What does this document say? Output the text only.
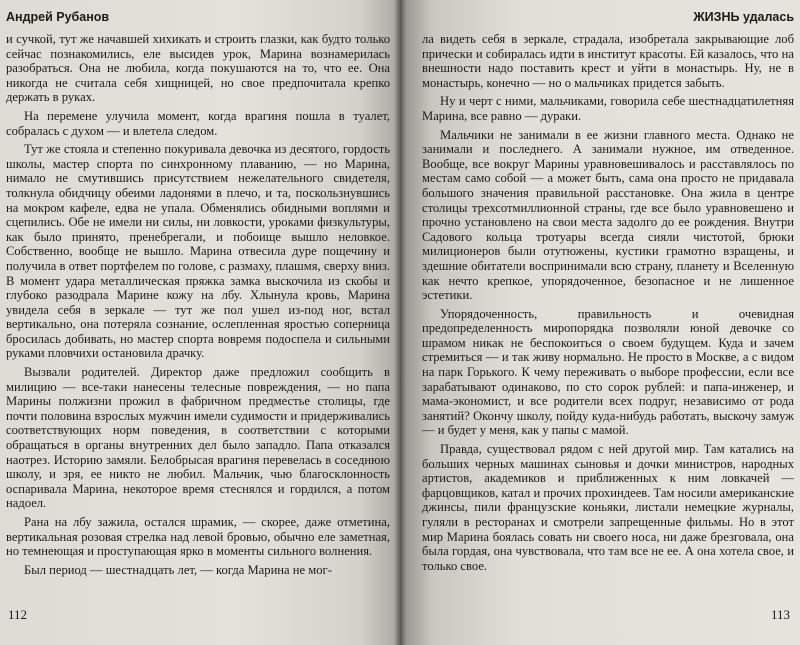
Андрей Рубанов

и сучкой, тут же начавшей хихикать и строить глазки, как будто только сейчас познакомились, еле высидев урок, Марина вознамерилась разобраться. Она не любила, когда покушаются на то, что ее. Она никогда не считала себя хищницей, но свое предпочитала крепко держать в руках.

На перемене улучила момент, когда врагиня пошла в туалет, собралась с духом — и влетела следом.

Тут же стояла и степенно покуривала девочка из десятого, гордость школы, мастер спорта по синхронному плаванию, — но Марина, нимало не смутившись присутствием нежелательного свидетеля, толкнула обидчицу обеими ладонями в плечо, и та, поскользнувшись на мокром кафеле, едва не упала. Обменялись обидными воплями и сцепились. Обе не имели ни силы, ни ловкости, уроками физкультуры, как было принято, пренебрегали, и побоище вышло неловкое. Собственно, вообще не вышло. Марина отвесила дуре пощечину и получила в ответ портфелем по голове, с размаху, плашмя, сверху вниз. В момент удара металлическая пряжка замка выскочила из скобы и глубоко разодрала Марине кожу на лбу. Хлынула кровь, Марина увидела себя в зеркале — тут же пол ушел из-под ног, встал вертикально, она потеряла сознание, ослепленная яростью соперница бросилась добивать, но мастер спорта вовремя подоспела и сильными руками пловчихи остановила драчку.

Вызвали родителей. Директор даже предложил сообщить в милицию — все-таки нанесены телесные повреждения, — но папа Марины полжизни прожил в фабричном предместье столицы, где почти половина взрослых мужчин имели судимости и придерживались соответствующих норм поведения, в соответствии с которыми обращаться в органы внутренних дел было западло. Папа отказался наотрез. Историю замяли. Белобрысая врагиня перевелась в соседнюю школу, и зря, ее никто не любил. Мальчик, чью благосклонность оспаривала Марина, некоторое время стеснялся и гордился, а потом надоел.

Рана на лбу зажила, остался шрамик, — скорее, даже отметина, вертикальная розовая стрелка над левой бровью, обычно еле заметная, но темнеющая и проступающая ярко в моменты сильного волнения.

Был период — шестнадцать лет, — когда Марина не мог-

112
ЖИЗНЬ удалась

ла видеть себя в зеркале, страдала, изобретала закрывающие лоб прически и собиралась идти в институт красоты. Ей казалось, что на внешности надо поставить крест и уйти в монастырь. Ну, не в монастырь, конечно — но о мальчиках придется забыть.

Ну и черт с ними, мальчиками, говорила себе шестнадцатилетняя Марина, все равно — дураки.

Мальчики не занимали в ее жизни главного места. Однако не занимали и последнего. А занимали нужное, им отведенное. Вообще, все вокруг Марины уравновешивалось и расставлялось по местам само собой — а может быть, сама она просто не придавала большого значения правильной расстановке. Она жила в центре столицы трехсотмиллионной страны, где все было уравновешено и прочно установлено на свои места задолго до ее рождения. Внутри Садового кольца тротуары всегда сияли чистотой, брюки милиционеров были отутюжены, кустики грамотно взращены, и здешние обитатели воспринимали всю страну, планету и Вселенную как нечто крепкое, упорядоченное, безопасное и не лишенное эстетики.

Упорядоченность, правильность и очевидная предопределенность миропорядка позволяли юной девочке со шрамом никак не беспокоиться о своем будущем. Куда и зачем стремиться — и так живу нормально. Не просто в Москве, а с видом на парк Горького. К чему переживать о выборе профессии, если все зарабатывают одинаково, по сто сорок рублей: и папа-инженер, и мама-экономист, и все родители всех подруг, независимо от рода занятий? Окончу школу, пойду куда-нибудь работать, выскочу замуж — и будет у меня, как у папы с мамой.

Правда, существовал рядом с ней другой мир. Там катались на больших черных машинах сыновья и дочки министров, народных артистов, академиков и приближенных к ним ловкачей — фарцовщиков, катал и прочих прохиндеев. Там носили американские джинсы, пили французские коньяки, листали немецкие журналы, гуляли в ресторанах и смотрели запрещенные фильмы. Но в этот мир Марина боялась совать ни своего носа, ни даже брезговала, она была гордая, она чувствовала, что там все не ее. А она хотела свое, и только свое.

113
